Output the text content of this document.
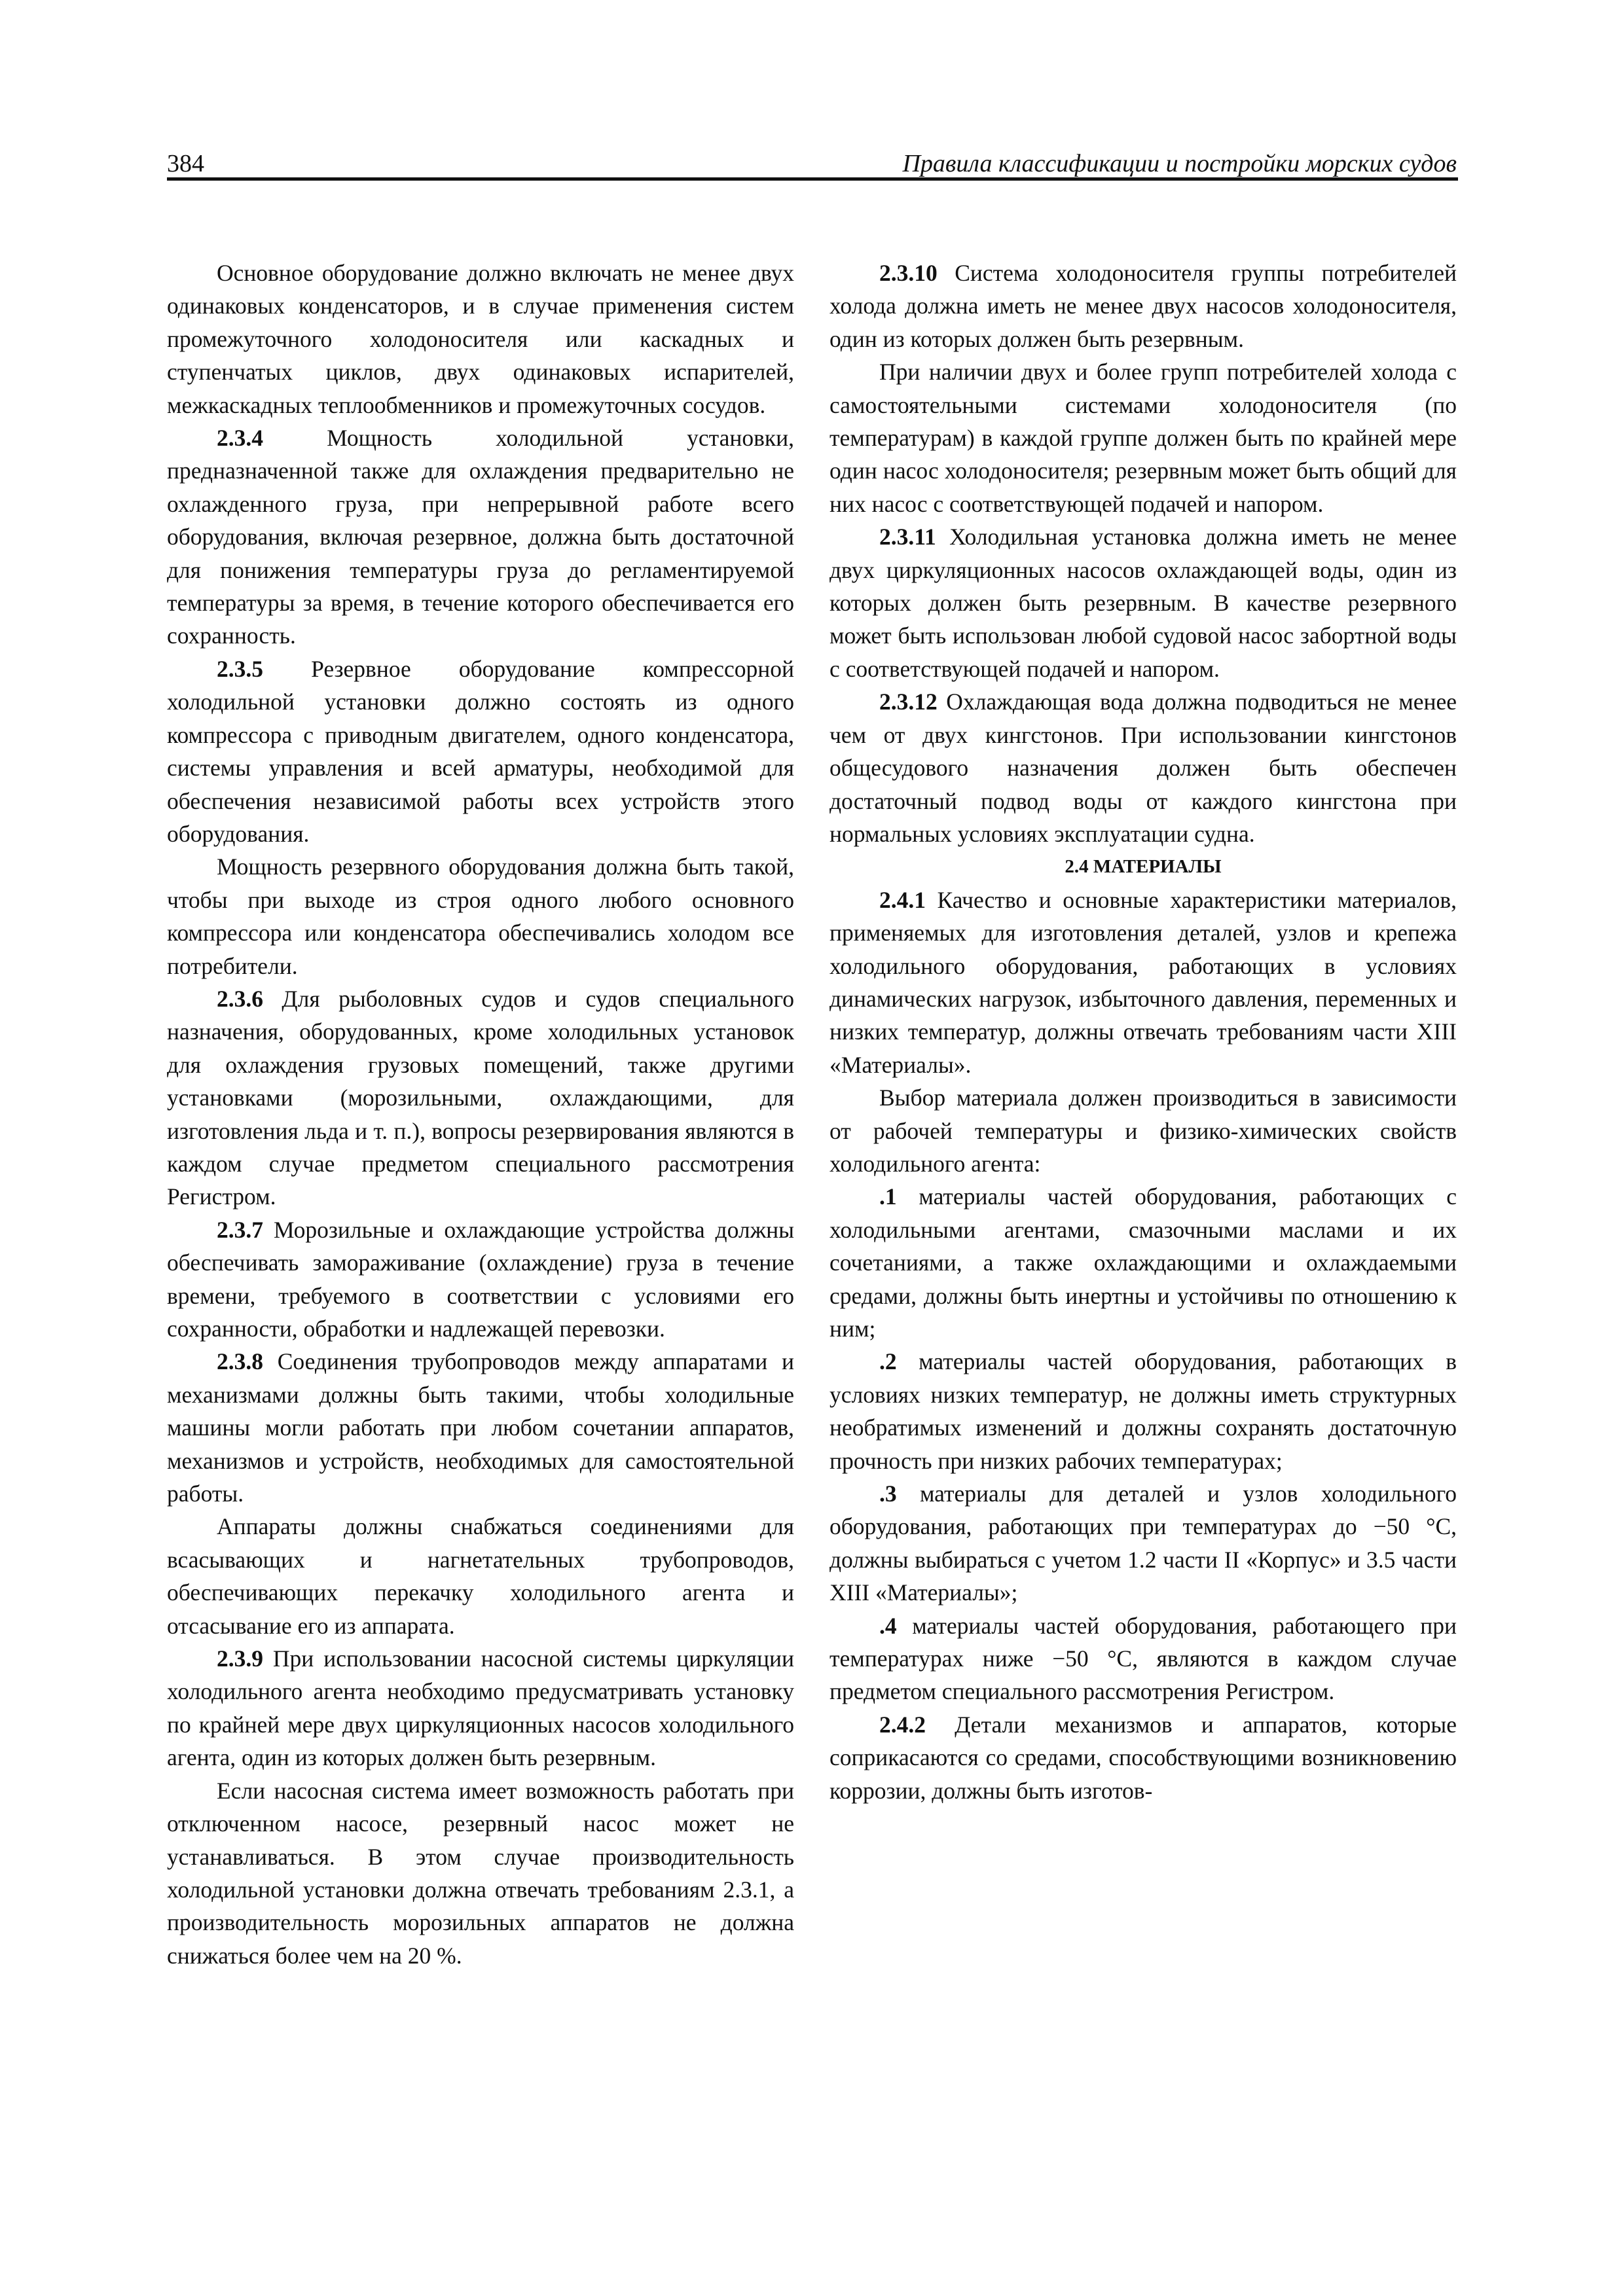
384	Правила классификации и постройки морских судов

Основное оборудование должно включать не менее двух одинаковых конденсаторов, и в случае применения систем промежуточного холодоносителя или каскадных и ступенчатых циклов, двух одинаковых испарителей, межкаскадных теплообменников и промежуточных сосудов.

2.3.4 Мощность холодильной установки, предназначенной также для охлаждения предварительно не охлажденного груза, при непрерывной работе всего оборудования, включая резервное, должна быть достаточной для понижения температуры груза до регламентируемой температуры за время, в течение которого обеспечивается его сохранность.

2.3.5 Резервное оборудование компрессорной холодильной установки должно состоять из одного компрессора с приводным двигателем, одного конденсатора, системы управления и всей арматуры, необходимой для обеспечения независимой работы всех устройств этого оборудования.

Мощность резервного оборудования должна быть такой, чтобы при выходе из строя одного любого основного компрессора или конденсатора обеспечивались холодом все потребители.

2.3.6 Для рыболовных судов и судов специального назначения, оборудованных, кроме холодильных установок для охлаждения грузовых помещений, также другими установками (морозильными, охлаждающими, для изготовления льда и т. п.), вопросы резервирования являются в каждом случае предметом специального рассмотрения Регистром.

2.3.7 Морозильные и охлаждающие устройства должны обеспечивать замораживание (охлаждение) груза в течение времени, требуемого в соответствии с условиями его сохранности, обработки и надлежащей перевозки.

2.3.8 Соединения трубопроводов между аппаратами и механизмами должны быть такими, чтобы холодильные машины могли работать при любом сочетании аппаратов, механизмов и устройств, необходимых для самостоятельной работы.

Аппараты должны снабжаться соединениями для всасывающих и нагнетательных трубопроводов, обеспечивающих перекачку холодильного агента и отсасывание его из аппарата.

2.3.9 При использовании насосной системы циркуляции холодильного агента необходимо предусматривать установку по крайней мере двух циркуляционных насосов холодильного агента, один из которых должен быть резервным.

Если насосная система имеет возможность работать при отключенном насосе, резервный насос может не устанавливаться. В этом случае производительность холодильной установки должна отвечать требованиям 2.3.1, а производительность морозильных аппаратов не должна снижаться более чем на 20 %.

2.3.10 Система холодоносителя группы потребителей холода должна иметь не менее двух насосов холодоносителя, один из которых должен быть резервным.

При наличии двух и более групп потребителей холода с самостоятельными системами холодоносителя (по температурам) в каждой группе должен быть по крайней мере один насос холодоносителя; резервным может быть общий для них насос с соответствующей подачей и напором.

2.3.11 Холодильная установка должна иметь не менее двух циркуляционных насосов охлаждающей воды, один из которых должен быть резервным. В качестве резервного может быть использован любой судовой насос забортной воды с соответствующей подачей и напором.

2.3.12 Охлаждающая вода должна подводиться не менее чем от двух кингстонов. При использовании кингстонов общесудового назначения должен быть обеспечен достаточный подвод воды от каждого кингстона при нормальных условиях эксплуатации судна.

2.4 МАТЕРИАЛЫ

2.4.1 Качество и основные характеристики материалов, применяемых для изготовления деталей, узлов и крепежа холодильного оборудования, работающих в условиях динамических нагрузок, избыточного давления, переменных и низких температур, должны отвечать требованиям части XIII «Материалы».

Выбор материала должен производиться в зависимости от рабочей температуры и физико-химических свойств холодильного агента:

.1 материалы частей оборудования, работающих с холодильными агентами, смазочными маслами и их сочетаниями, а также охлаждающими и охлаждаемыми средами, должны быть инертны и устойчивы по отношению к ним;

.2 материалы частей оборудования, работающих в условиях низких температур, не должны иметь структурных необратимых изменений и должны сохранять достаточную прочность при низких рабочих температурах;

.3 материалы для деталей и узлов холодильного оборудования, работающих при температурах до −50 °С, должны выбираться с учетом 1.2 части II «Корпус» и 3.5 части XIII «Материалы»;

.4 материалы частей оборудования, работающего при температурах ниже −50 °С, являются в каждом случае предметом специального рассмотрения Регистром.

2.4.2 Детали механизмов и аппаратов, которые соприкасаются со средами, способствующими возникновению коррозии, должны быть изготов-
